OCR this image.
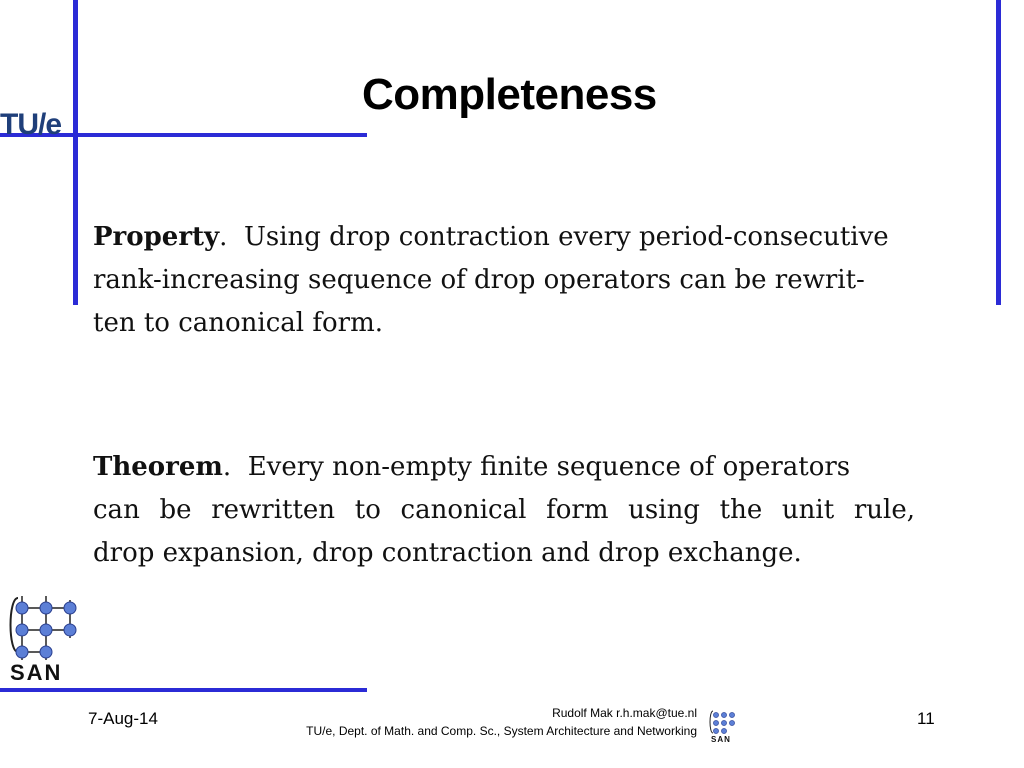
TU/e
Completeness
Property.  Using drop contraction every period-consecutive
rank-increasing sequence of drop operators can be rewrit-
ten to canonical form.
Theorem.  Every non-empty finite sequence of operators
can be rewritten to canonical form using the unit rule,
drop expansion, drop contraction and drop exchange.
SAN
7-Aug-14	Rudolf Mak r.h.mak@tue.nl
TU/e, Dept. of Math. and Comp. Sc., System Architecture and Networking
SAN
11
